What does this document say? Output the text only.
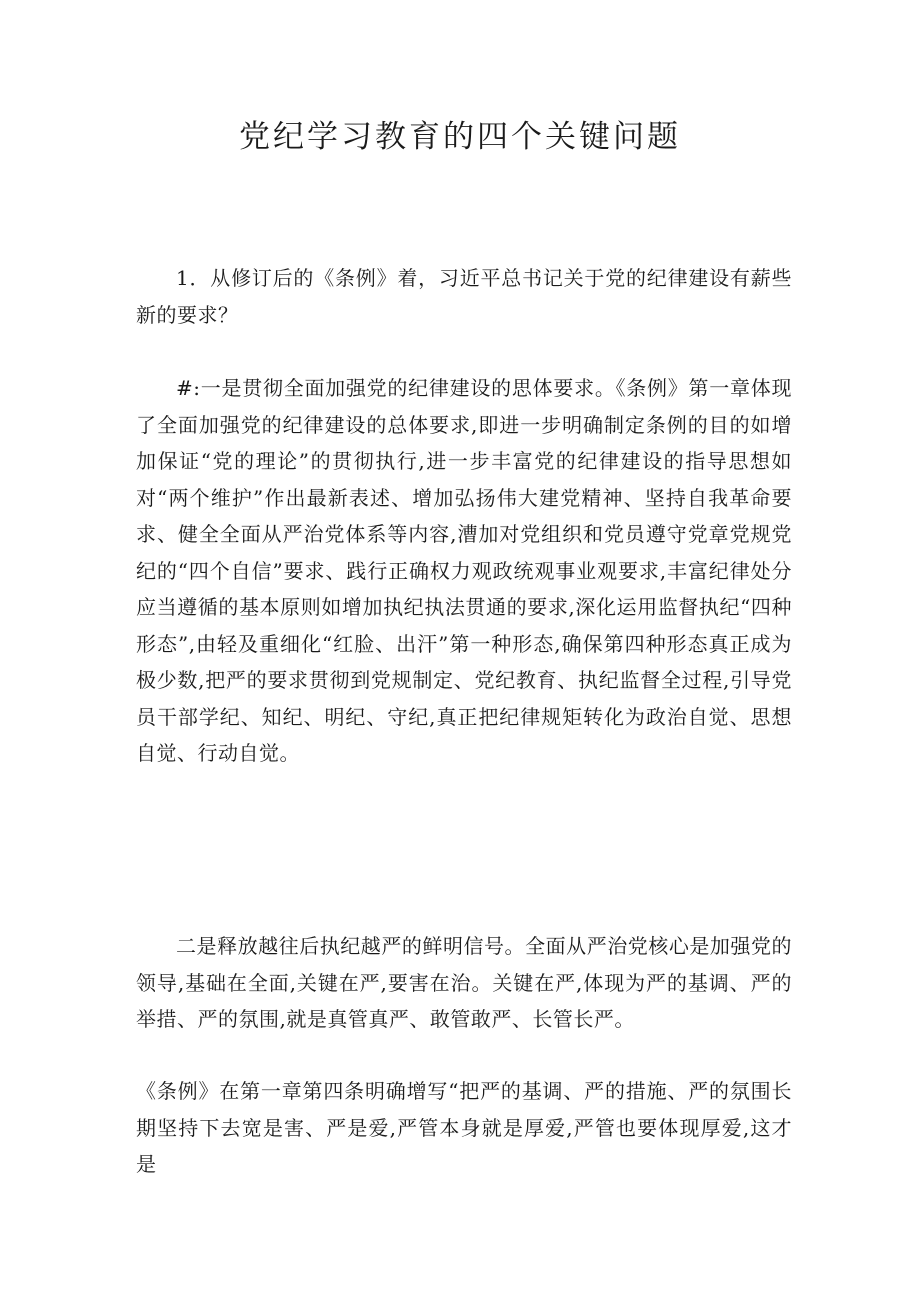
党纪学习教育的四个关键问题

1．从修订后的《条例》着，习近平总书记关于党的纪律建设有薪些新的要求？

#:一是贯彻全面加强党的纪律建设的思体要求。《条例》第一章体现了全面加强党的纪律建设的总体要求,即进一步明确制定条例的目的如增加保证“党的理论”的贯彻执行,进一步丰富党的纪律建设的指导思想如对“两个维护”作出最新表述、增加弘扬伟大建党精神、坚持自我革命要求、健全全面从严治党体系等内容,漕加对党组织和党员遵守党章党规党纪的“四个自信”要求、践行正确权力观政统观事业观要求,丰富纪律处分应当遵循的基本原则如增加执纪执法贯通的要求,深化运用监督执纪“四种形态”,由轻及重细化“红脸、出汗”第一种形态,确保第四种形态真正成为极少数,把严的要求贯彻到党规制定、党纪教育、执纪监督全过程,引导党员干部学纪、知纪、明纪、守纪,真正把纪律规矩转化为政治自觉、思想自觉、行动自觉。

二是释放越往后执纪越严的鲜明信号。全面从严治党核心是加强党的领导,基础在全面,关键在严,要害在治。关键在严,体现为严的基调、严的举措、严的氛围,就是真管真严、敢管敢严、长管长严。

《条例》在第一章第四条明确增写“把严的基调、严的措施、严的氛围长期坚持下去宽是害、严是爱,严管本身就是厚爱,严管也要体现厚爱,这才是
